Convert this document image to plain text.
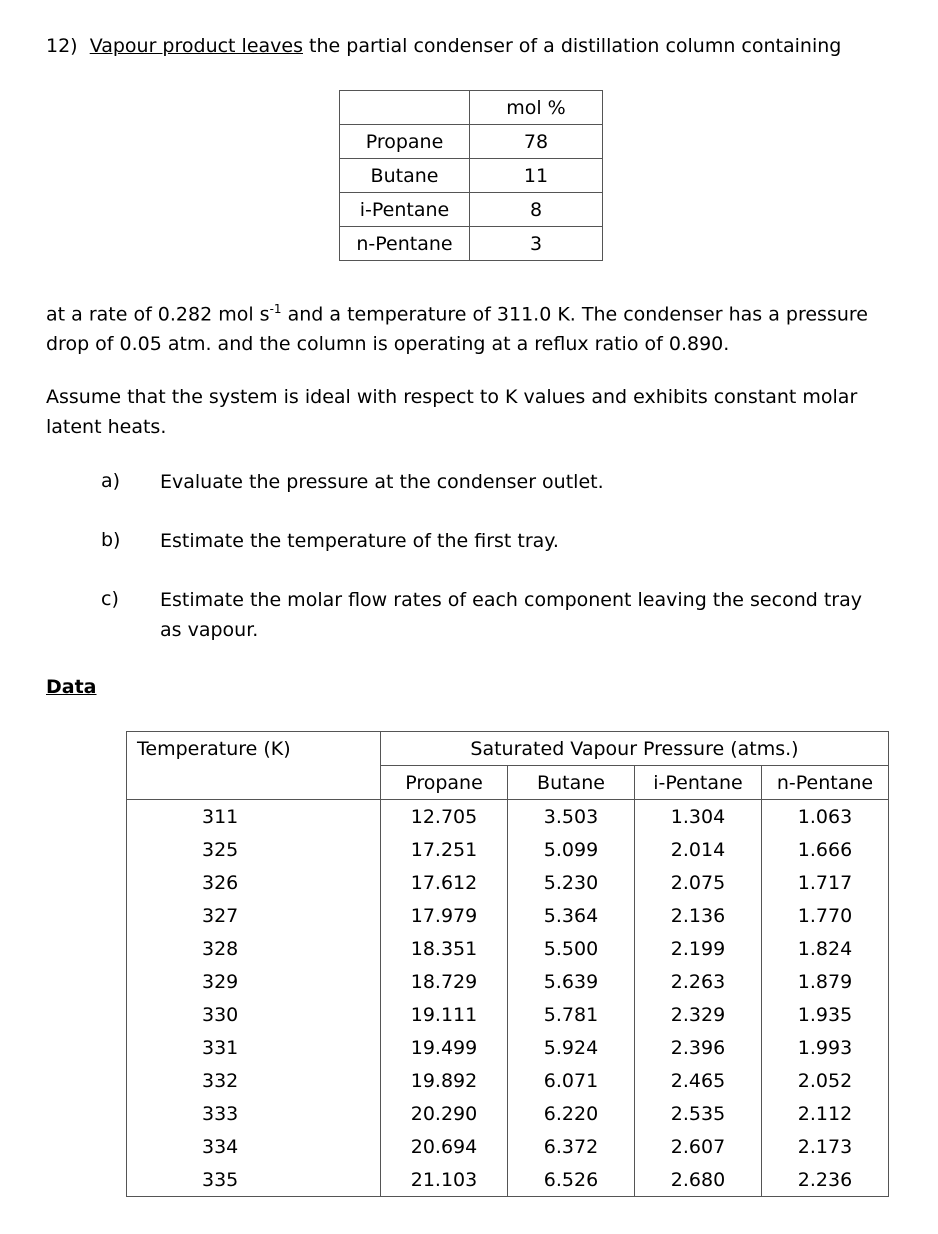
12) Vapour product leaves the partial condenser of a distillation column containing
	mol %
Propane	78
Butane	11
i-Pentane	8
n-Pentane	3
at a rate of 0.282 mol $s^{-1}$ and a temperature of 311.0 K. The condenser has a pressure
drop of 0.05 atm. and the column is operating at a reflux ratio of 0.890.
Assume that the system is ideal with respect to K values and exhibits constant molar
latent heats.
a) Evaluate the pressure at the condenser outlet.
b) Estimate the temperature of the first tray.
c) Estimate the molar flow rates of each component leaving the second tray
as vapour.
Data
Temperature (K)	Saturated Vapour Pressure (atms.)			
	Propane	Butane	i-Pentane	n-Pentane
311	12.705	3.503	1.304	1.063
325	17.251	5.099	2.014	1.666
326	17.612	5.230	2.075	1.717
327	17.979	5.364	2.136	1.770
328	18.351	5.500	2.199	1.824
329	18.729	5.639	2.263	1.879
330	19.111	5.781	2.329	1.935
331	19.499	5.924	2.396	1.993
332	19.892	6.071	2.465	2.052
333	20.290	6.220	2.535	2.112
334	20.694	6.372	2.607	2.173
335	21.103	6.526	2.680	2.236
